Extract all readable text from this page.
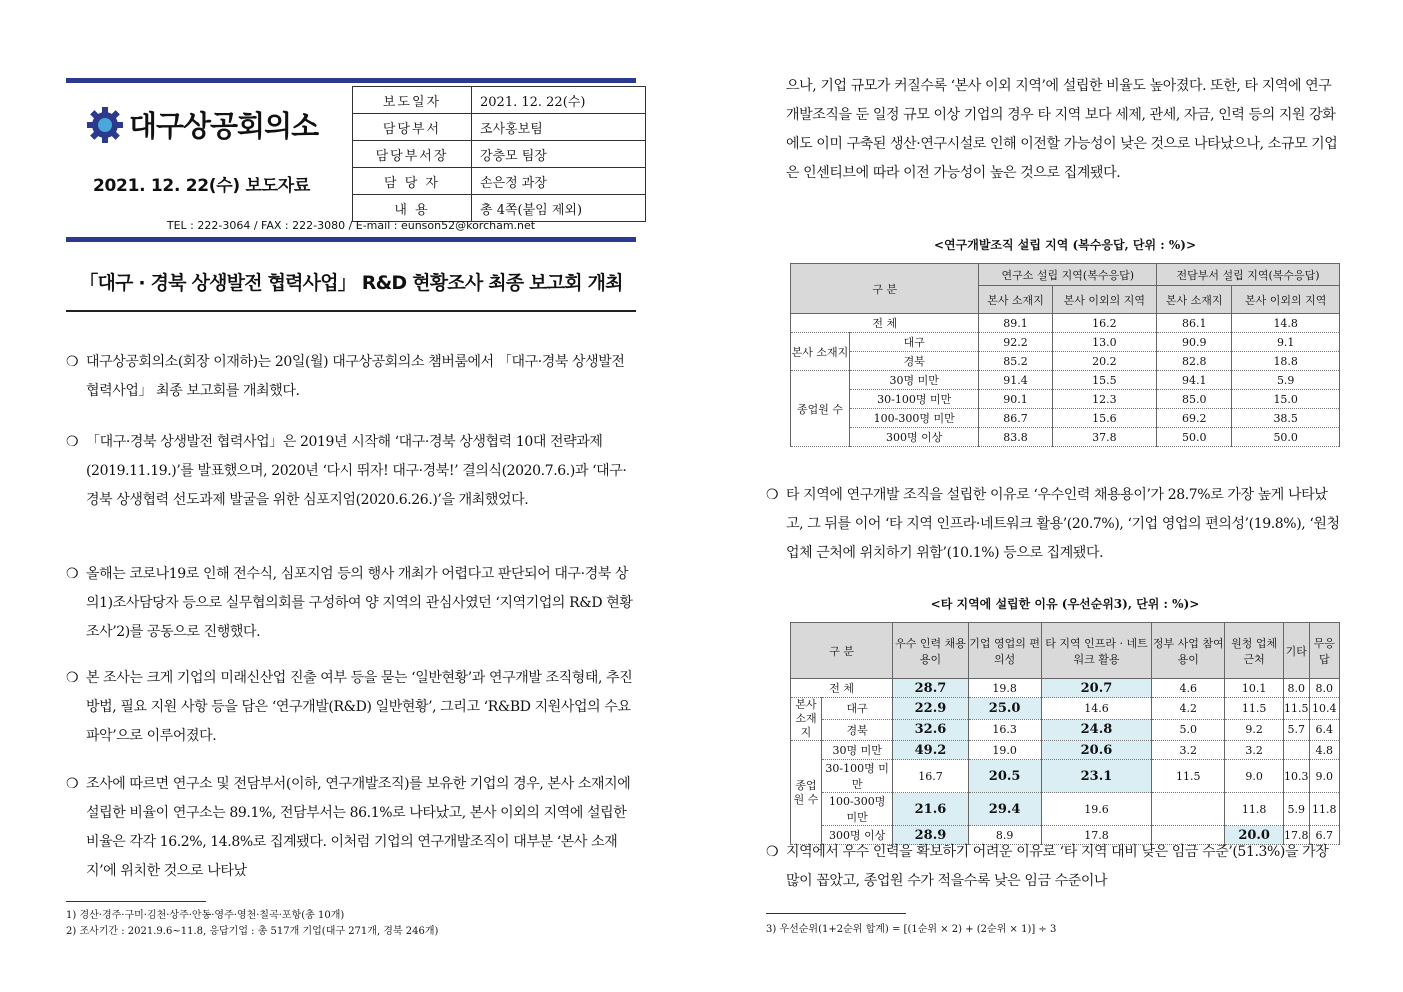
대구상공회의소
2021. 12. 22(수) 보도자료
보도일자	2021. 12. 22(수)
담당부서	조사홍보팀
담당부서장	강충모 팀장
담 당 자	손은정 과장
내 용	총 4쪽(붙임 제외)
TEL : 222-3064 / FAX : 222-3080 / E-mail : eunson52@korcham.net
「대구 · 경북 상생발전 협력사업」 R&D 현황조사 최종 보고회 개최
❍ 대구상공회의소(회장 이재하)는 20일(월) 대구상공회의소 챔버룸에서 「대구·경북 상생발전 협력사업」 최종 보고회를 개최했다.
❍ 「대구·경북 상생발전 협력사업」은 2019년 시작해 ‘대구·경북 상생협력 10대 전략과제(2019.11.19.)’를 발표했으며, 2020년 ‘다시 뛰자! 대구·경북!’ 결의식(2020.7.6.)과 ‘대구·경북 상생협력 선도과제 발굴을 위한 심포지엄(2020.6.26.)’을 개최했었다.
❍ 올해는 코로나19로 인해 전수식, 심포지엄 등의 행사 개최가 어렵다고 판단되어 대구·경북 상의1)조사담당자 등으로 실무협의회를 구성하여 양 지역의 관심사였던 ‘지역기업의 R&D 현황조사’2)를 공동으로 진행했다.
❍ 본 조사는 크게 기업의 미래신산업 진출 여부 등을 묻는 ‘일반현황’과 연구개발 조직형태, 추진방법, 필요 지원 사항 등을 담은 ‘연구개발(R&D) 일반현황’, 그리고 ‘R&BD 지원사업의 수요파악’으로 이루어졌다.
❍ 조사에 따르면 연구소 및 전담부서(이하, 연구개발조직)를 보유한 기업의 경우, 본사 소재지에 설립한 비율이 연구소는 89.1%, 전담부서는 86.1%로 나타났고, 본사 이외의 지역에 설립한 비율은 각각 16.2%, 14.8%로 집계됐다. 이처럼 기업의 연구개발조직이 대부분 ‘본사 소재지’에 위치한 것으로 나타났
1) 경산·경주·구미·김천·상주·안동·영주·영천·칠곡·포항(총 10개)
2) 조사기간 : 2021.9.6~11.8, 응답기업 : 총 517개 기업(대구 271개, 경북 246개)
으나, 기업 규모가 커질수록 ‘본사 이외 지역’에 설립한 비율도 높아졌다. 또한, 타 지역에 연구개발조직을 둔 일정 규모 이상 기업의 경우 타 지역 보다 세제, 관세, 자금, 인력 등의 지원 강화에도 이미 구축된 생산·연구시설로 인해 이전할 가능성이 낮은 것으로 나타났으나, 소규모 기업은 인센티브에 따라 이전 가능성이 높은 것으로 집계됐다.
<연구개발조직 설립 지역 (복수응답, 단위 : %)>
구 분		연구소 설립 지역(복수응답)		전담부서 설립 지역(복수응답)	
		본사 소재지	본사 이외의 지역	본사 소재지	본사 이외의 지역
전 체		89.1	16.2	86.1	14.8
본사 소재지	대구	92.2	13.0	90.9	9.1
	경북	85.2	20.2	82.8	18.8
종업원 수	30명 미만	91.4	15.5	94.1	5.9
	30-100명 미만	90.1	12.3	85.0	15.0
	100-300명 미만	86.7	15.6	69.2	38.5
	300명 이상	83.8	37.8	50.0	50.0
❍ 타 지역에 연구개발 조직을 설립한 이유로 ‘우수인력 채용용이’가 28.7%로 가장 높게 나타났고, 그 뒤를 이어 ‘타 지역 인프라·네트워크 활용’(20.7%), ‘기업 영업의 편의성’(19.8%), ‘원청업체 근처에 위치하기 위함’(10.1%) 등으로 집계됐다.
<타 지역에 설립한 이유 (우선순위3), 단위 : %)>
구 분		우수 인력 채용 용이	기업 영업의 편의성	타 지역 인프라 · 네트워크 활용	정부 사업 참여 용이	원청 업체 근처	기타	무응답
전 체		28.7	19.8	20.7	4.6	10.1	8.0	8.0
본사 소재지	대구	22.9	25.0	14.6	4.2	11.5	11.5	10.4
	경북	32.6	16.3	24.8	5.0	9.2	5.7	6.4
종업원 수	30명 미만	49.2	19.0	20.6	3.2	3.2		4.8
	30-100명 미만	16.7	20.5	23.1	11.5	9.0	10.3	9.0
	100-300명 미만	21.6	29.4	19.6		11.8	5.9	11.8
	300명 이상	28.9	8.9	17.8		20.0	17.8	6.7
❍ 지역에서 우수 인력을 확보하기 어려운 이유로 ‘타 지역 대비 낮은 임금 수준’(51.3%)을 가장 많이 꼽았고, 종업원 수가 적을수록 낮은 임금 수준이나
3) 우선순위(1+2순위 합계) = [(1순위 × 2) + (2순위 × 1)] ÷ 3
